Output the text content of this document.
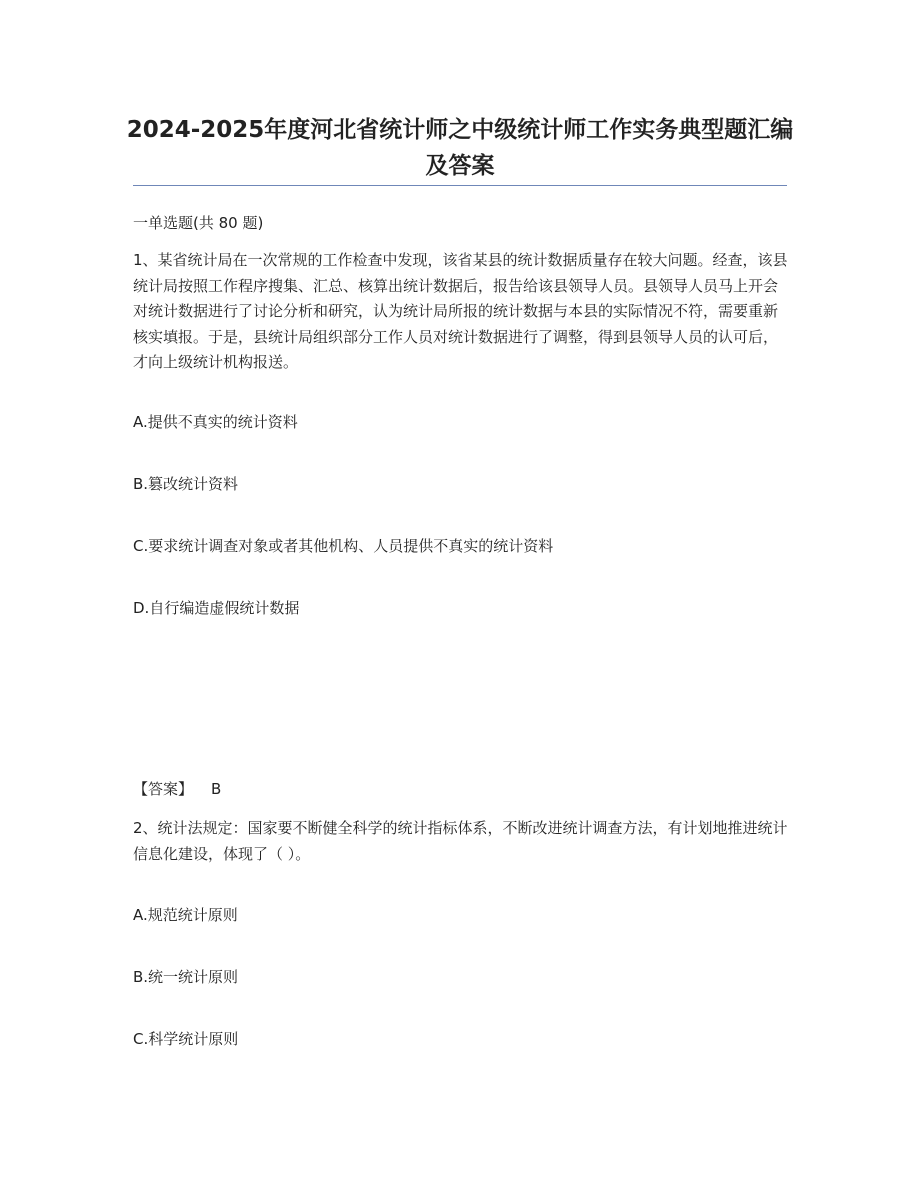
2024-2025年度河北省统计师之中级统计师工作实务典型题汇编及答案
一单选题(共 80 题)
1、某省统计局在一次常规的工作检查中发现，该省某县的统计数据质量存在较大问题。经查，该县统计局按照工作程序搜集、汇总、核算出统计数据后，报告给该县领导人员。县领导人员马上开会对统计数据进行了讨论分析和研究，认为统计局所报的统计数据与本县的实际情况不符，需要重新核实填报。于是，县统计局组织部分工作人员对统计数据进行了调整，得到县领导人员的认可后，才向上级统计机构报送。
A.提供不真实的统计资料
B.篡改统计资料
C.要求统计调查对象或者其他机构、人员提供不真实的统计资料
D.自行编造虚假统计数据
【答案】 B
2、统计法规定：国家要不断健全科学的统计指标体系，不断改进统计调查方法，有计划地推进统计信息化建设，体现了（ ）。
A.规范统计原则
B.统一统计原则
C.科学统计原则
